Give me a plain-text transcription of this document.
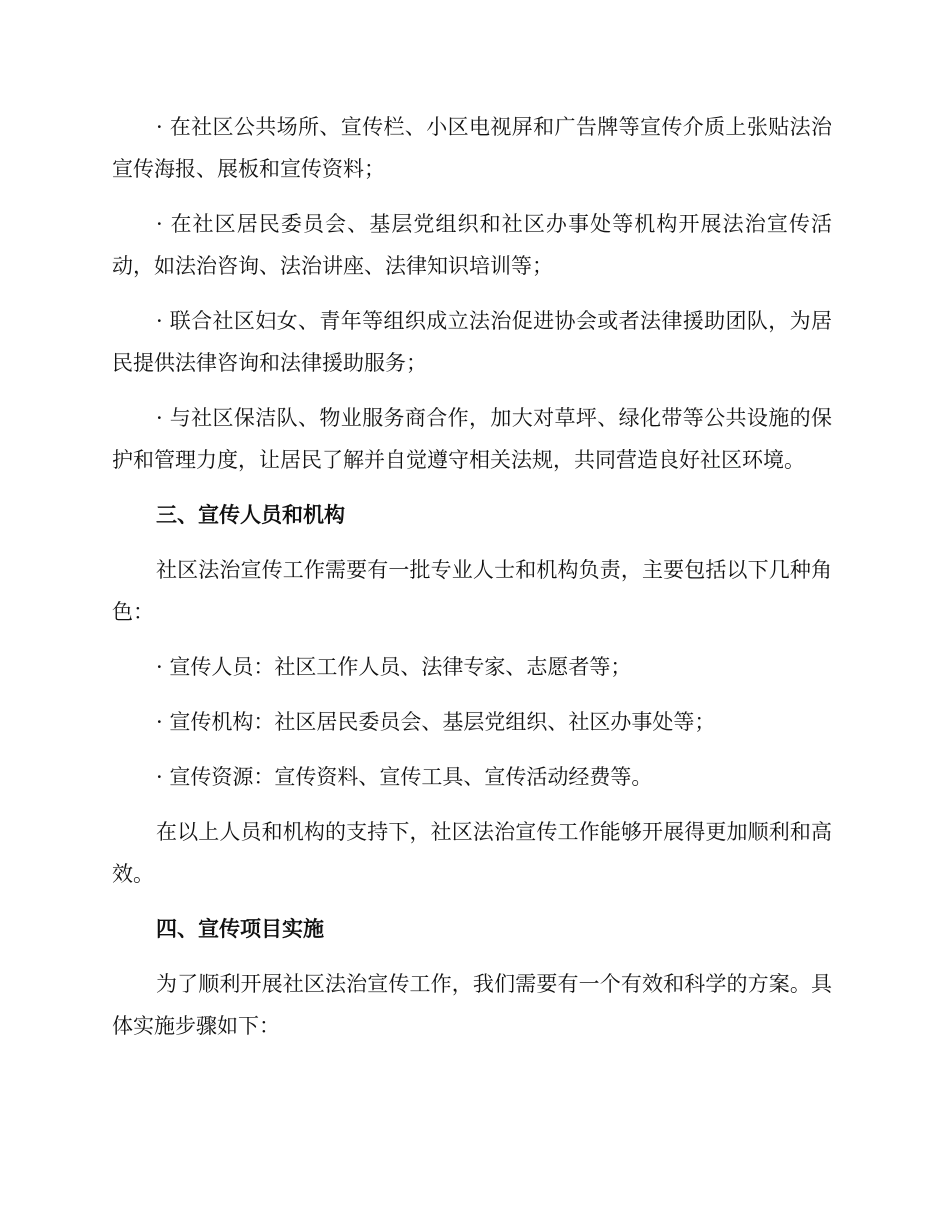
· 在社区公共场所、宣传栏、小区电视屏和广告牌等宣传介质上张贴法治宣传海报、展板和宣传资料；

· 在社区居民委员会、基层党组织和社区办事处等机构开展法治宣传活动，如法治咨询、法治讲座、法律知识培训等；

· 联合社区妇女、青年等组织成立法治促进协会或者法律援助团队，为居民提供法律咨询和法律援助服务；

· 与社区保洁队、物业服务商合作，加大对草坪、绿化带等公共设施的保护和管理力度，让居民了解并自觉遵守相关法规，共同营造良好社区环境。

三、宣传人员和机构

社区法治宣传工作需要有一批专业人士和机构负责，主要包括以下几种角色：

· 宣传人员：社区工作人员、法律专家、志愿者等；

· 宣传机构：社区居民委员会、基层党组织、社区办事处等；

· 宣传资源：宣传资料、宣传工具、宣传活动经费等。

在以上人员和机构的支持下，社区法治宣传工作能够开展得更加顺利和高效。

四、宣传项目实施

为了顺利开展社区法治宣传工作，我们需要有一个有效和科学的方案。具体实施步骤如下：
